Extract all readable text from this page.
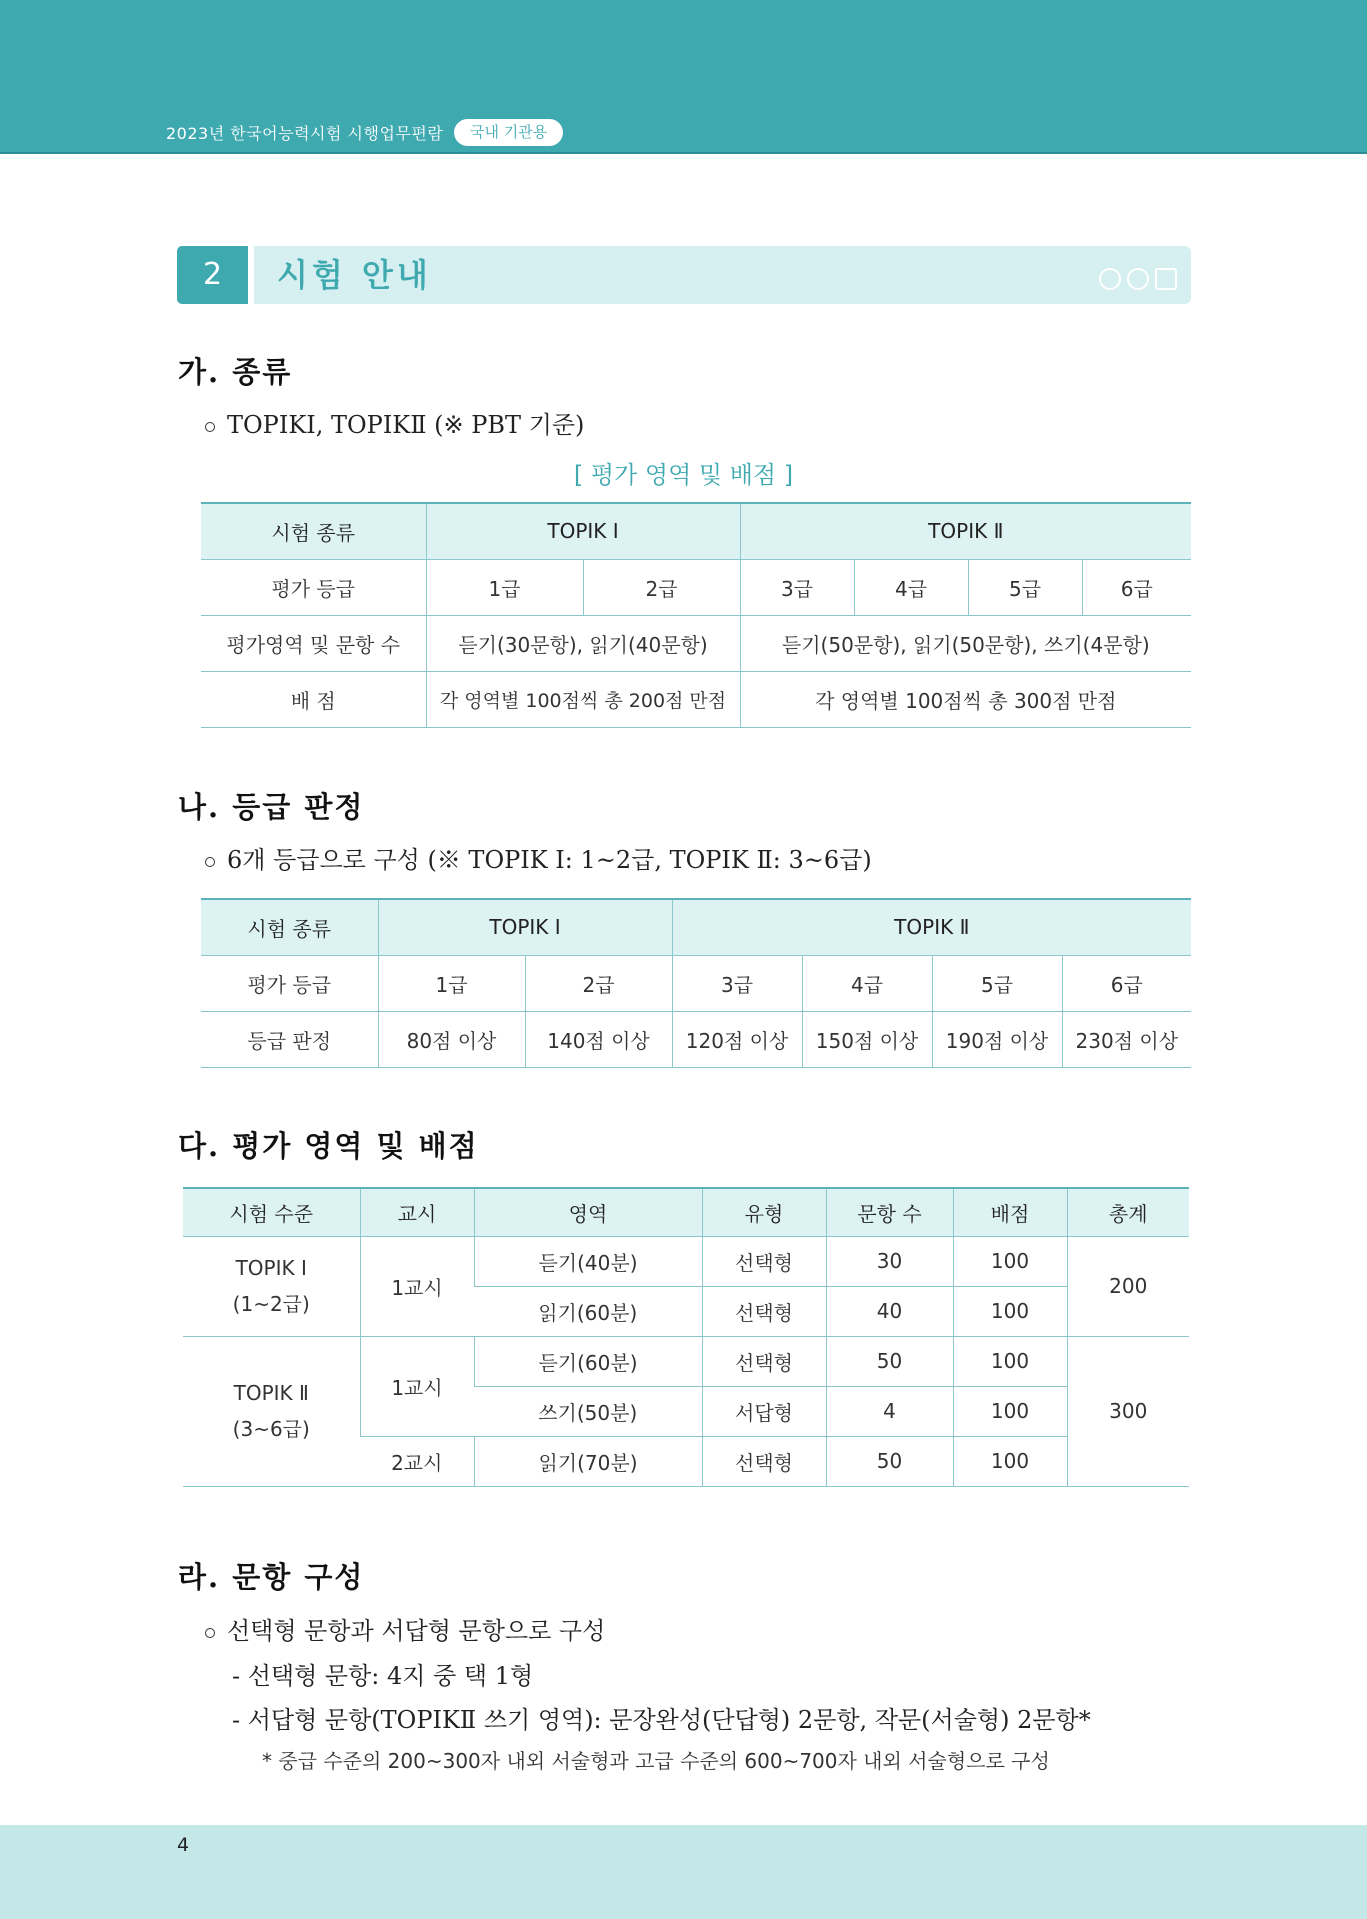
2023년 한국어능력시험 시행업무편람	국내 기관용
2	시험 안내
가. 종류
TOPIKⅠ, TOPIKⅡ (※ PBT 기준)
[ 평가 영역 및 배점 ]
시험 종류	TOPIK Ⅰ		TOPIK Ⅱ			
평가 등급	1급	2급	3급	4급	5급	6급
평가영역 및 문항 수	듣기(30문항), 읽기(40문항)		듣기(50문항), 읽기(50문항), 쓰기(4문항)			
배 점	각 영역별 100점씩 총 200점 만점		각 영역별 100점씩 총 300점 만점			
나. 등급 판정
6개 등급으로 구성 (※ TOPIK Ⅰ: 1~2급, TOPIK Ⅱ: 3~6급)
시험 종류	TOPIK Ⅰ		TOPIK Ⅱ			
평가 등급	1급	2급	3급	4급	5급	6급
등급 판정	80점 이상	140점 이상	120점 이상	150점 이상	190점 이상	230점 이상
다. 평가 영역 및 배점
시험 수준	교시	영역	유형	문항 수	배점	총계

TOPIK Ⅰ
(1~2급)	1교시	듣기(40분)	선택형	30	100	200
		읽기(60분)	선택형	40	100	

TOPIK Ⅱ
(3~6급)	1교시	듣기(60분)	선택형	50	100	300
		쓰기(50분)	서답형	4	100	
	2교시	읽기(70분)	선택형	50	100	
라. 문항 구성
선택형 문항과 서답형 문항으로 구성
- 선택형 문항: 4지 중 택 1형
- 서답형 문항(TOPIKⅡ 쓰기 영역): 문장완성(단답형) 2문항, 작문(서술형) 2문항*
* 중급 수준의 200~300자 내외 서술형과 고급 수준의 600~700자 내외 서술형으로 구성
4
